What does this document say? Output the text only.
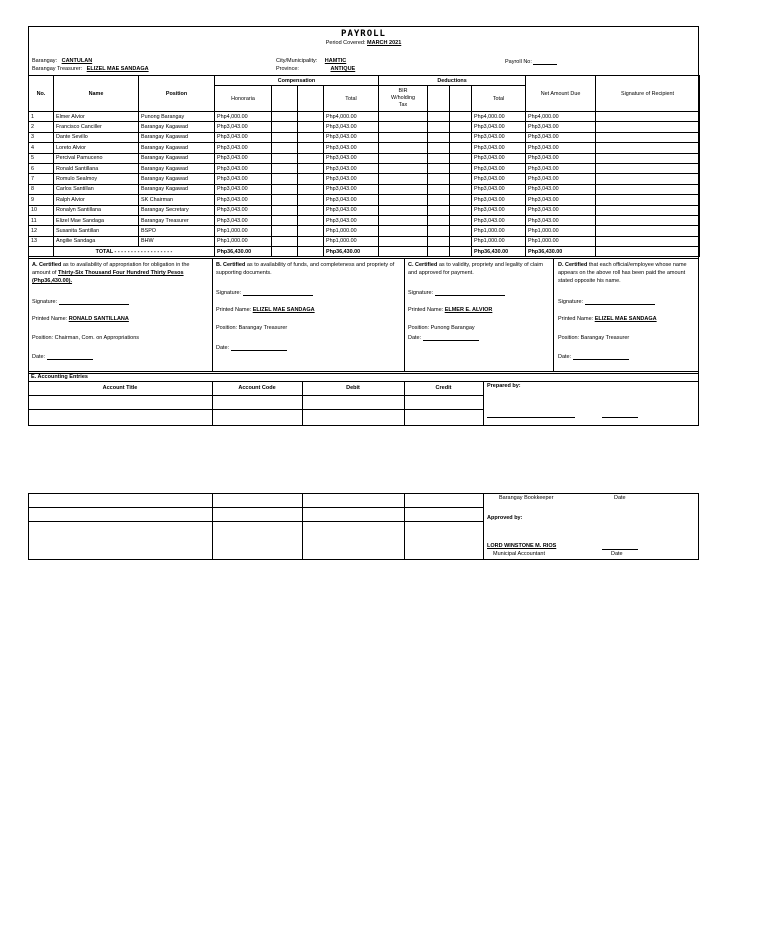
PAYROLL
Period Covered: MARCH 2021
Barangay: CANTULAN
Barangay Treasurer: ELIZEL MAE SANDAGA
City/Municipality: HAMTIC
Province:	ANTIQUE
Payroll No:
No.	Name	Position	Compensation				Deductions				Net Amount Due	Signature of Recipient
			Honoraria			Total	BIR
W/holding
Tax			Total		
1	Elmer Alvior	Punong Barangay	Php4,000.00			Php4,000.00				Php4,000.00	Php4,000.00	
2	Francisco Canciller	Barangay Kagawad	Php3,043.00			Php3,043.00				Php3,043.00	Php3,043.00	
3	Dante Sevillo	Barangay Kagawad	Php3,043.00			Php3,043.00				Php3,043.00	Php3,043.00	
4	Loreto Alvior	Barangay Kagawad	Php3,043.00			Php3,043.00				Php3,043.00	Php3,043.00	
5	Percival Pamuceno	Barangay Kagawad	Php3,043.00			Php3,043.00				Php3,043.00	Php3,043.00	
6	Ronald Santillana	Barangay Kagawad	Php3,043.00			Php3,043.00				Php3,043.00	Php3,043.00	
7	Romulo Sealmoy	Barangay Kagawad	Php3,043.00			Php3,043.00				Php3,043.00	Php3,043.00	
8	Carlos Santillan	Barangay Kagawad	Php3,043.00			Php3,043.00				Php3,043.00	Php3,043.00	
9	Ralph Alvior	SK Chairman	Php3,043.00			Php3,043.00				Php3,043.00	Php3,043.00	
10	Ronalyn Santillana	Barangay Secretary	Php3,043.00			Php3,043.00				Php3,043.00	Php3,043.00	
11	Elizel Mae Sandaga	Barangay Treasurer	Php3,043.00			Php3,043.00				Php3,043.00	Php3,043.00	
12	Susanita Santillan	BSPO	Php1,000.00			Php1,000.00				Php1,000.00	Php1,000.00	
13	Angilie Sandaga	BHW	Php1,000.00			Php1,000.00				Php1,000.00	Php1,000.00	
	TOTAL - - - - - - - - - - - - - - - - - -		Php36,430.00			Php36,430.00				Php36,430.00	Php36,430.00	
A. Certified as to availability of appropriation for obligation in the amount of Thirty-Six Thousand Four Hundred Thirty Pesos (Php36,430.00).
Signature:
Printed Name: RONALD SANTILLANA
Position: Chairman, Com. on Appropriations
Date:
B. Certified as to availability of funds, and completeness and propriety of supporting documents.
Signature:
Printed Name: ELIZEL MAE SANDAGA
Position: Barangay Treasurer
Date:
C. Certified as to validity, propriety and legality of claim and approved for payment.
Signature:
Printed Name: ELMER E. ALVIOR
Position: Punong Barangay
Date:
D. Certified that each official/employee whose name appears on the above roll has been paid the amount stated opposite his name.
Signature:
Printed Name: ELIZEL MAE SANDAGA
Position: Barangay Treasurer
Date:
E. Accounting Entries
Account Title	Account Code	Debit	Credit	Prepared by:
Barangay Bookkeeper	Date
Approved by:
LORD WINSTONE M. RIOS
Municipal Accountant	Date
